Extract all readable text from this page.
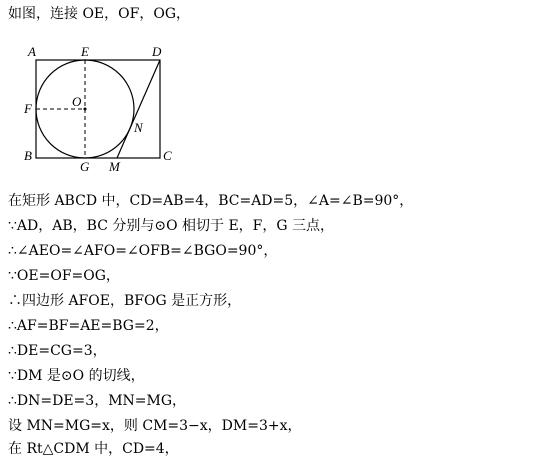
如图，连接 OE，OF，OG，
A	E	D
F	O
N
B
G M
C
在矩形 ABCD 中，CD=AB=4，BC=AD=5，∠A=∠B=90°，
∵AD，AB，BC 分别与⊙O 相切于 E，F，G 三点，
∴∠AEO=∠AFO=∠OFB=∠BGO=90°，
∵OE=OF=OG，
∴四边形 AFOE，BFOG 是正方形，
∴AF=BF=AE=BG=2，
∴DE=CG=3，
∵DM 是⊙O 的切线，
∴DN=DE=3，MN=MG，
设 MN=MG=x，则 CM=3−x，DM=3+x，
在 Rt△CDM 中，CD=4，
